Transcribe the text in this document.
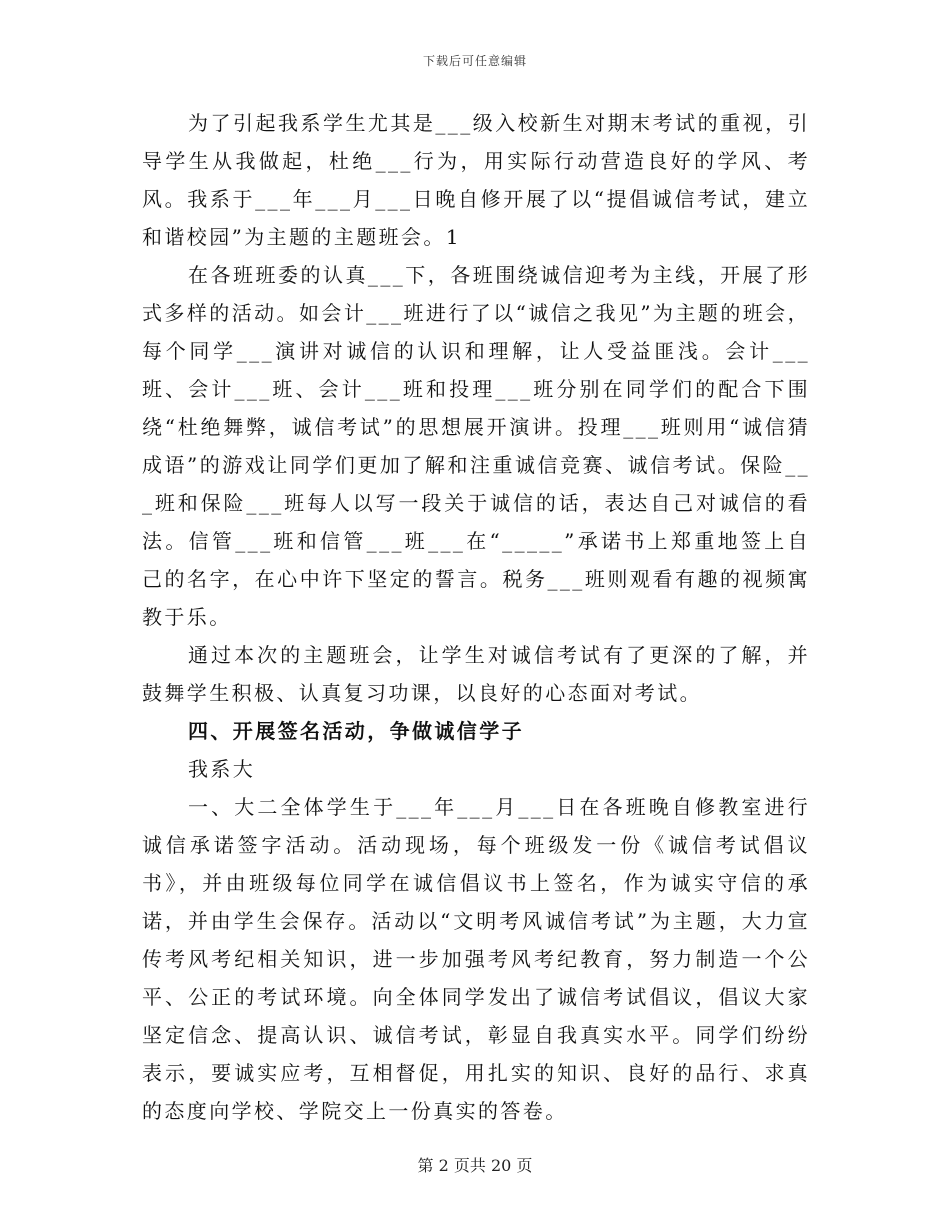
下载后可任意编辑

为了引起我系学生尤其是___级入校新生对期末考试的重视，引导学生从我做起，杜绝___行为，用实际行动营造良好的学风、考风。我系于___年___月___日晚自修开展了以“提倡诚信考试，建立和谐校园”为主题的主题班会。1

在各班班委的认真___下，各班围绕诚信迎考为主线，开展了形式多样的活动。如会计___班进行了以“诚信之我见”为主题的班会，每个同学___演讲对诚信的认识和理解，让人受益匪浅。会计___班、会计___班、会计___班和投理___班分别在同学们的配合下围绕“杜绝舞弊，诚信考试”的思想展开演讲。投理___班则用“诚信猜成语”的游戏让同学们更加了解和注重诚信竞赛、诚信考试。保险___班和保险___班每人以写一段关于诚信的话，表达自己对诚信的看法。信管___班和信管___班___在“_____”承诺书上郑重地签上自己的名字，在心中许下坚定的誓言。税务___班则观看有趣的视频寓教于乐。

通过本次的主题班会，让学生对诚信考试有了更深的了解，并鼓舞学生积极、认真复习功课，以良好的心态面对考试。

四、开展签名活动，争做诚信学子

我系大

一、大二全体学生于___年___月___日在各班晚自修教室进行诚信承诺签字活动。活动现场，每个班级发一份《诚信考试倡议书》，并由班级每位同学在诚信倡议书上签名，作为诚实守信的承诺，并由学生会保存。活动以“文明考风诚信考试”为主题，大力宣传考风考纪相关知识，进一步加强考风考纪教育，努力制造一个公平、公正的考试环境。向全体同学发出了诚信考试倡议，倡议大家坚定信念、提高认识、诚信考试，彰显自我真实水平。同学们纷纷表示，要诚实应考，互相督促，用扎实的知识、良好的品行、求真的态度向学校、学院交上一份真实的答卷。

第 2 页共 20 页
